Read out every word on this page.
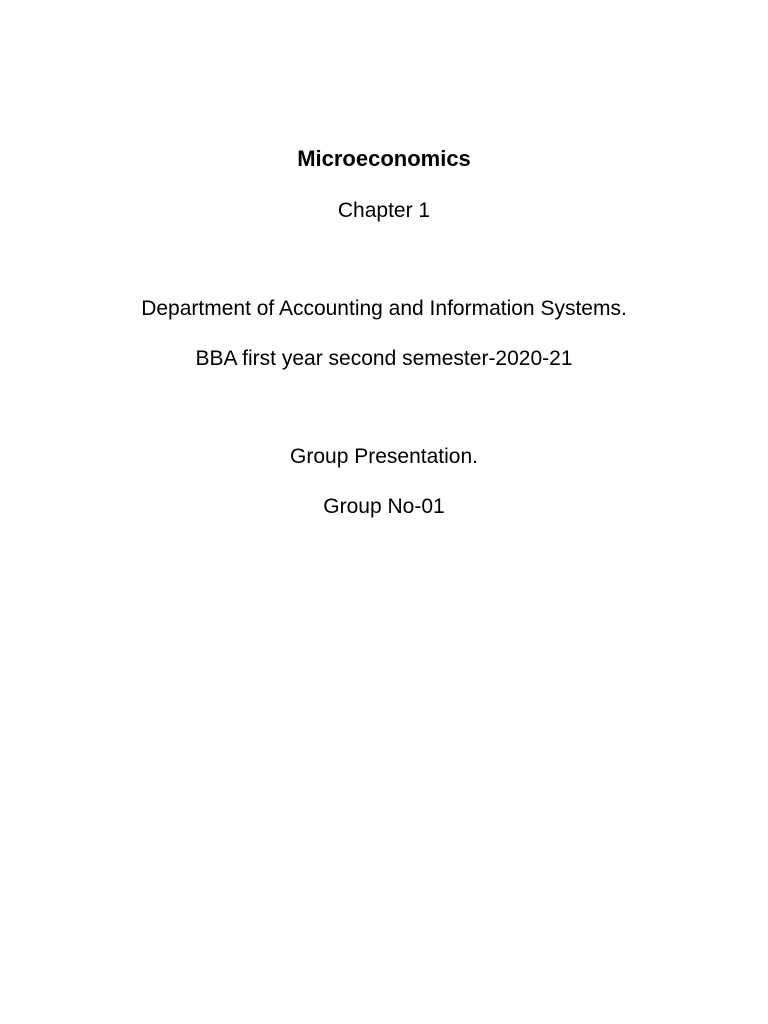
Microeconomics
Chapter 1
Department of Accounting and Information Systems.
BBA first year second semester-2020-21
Group Presentation.
Group No-01
